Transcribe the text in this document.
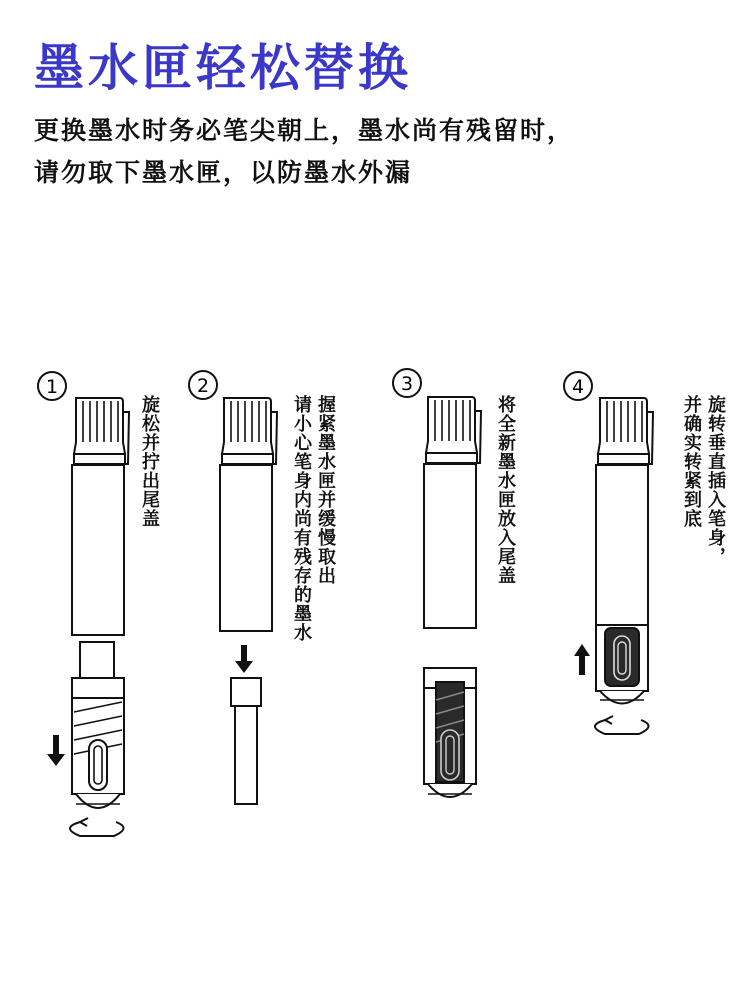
墨水匣轻松替换
更换墨水时务必笔尖朝上，墨水尚有残留时，
请勿取下墨水匣，以防墨水外漏
1	2	3	4
旋松并拧出尾盖	握紧墨水匣并缓慢取出
请小心笔身内尚有残存的墨水	将全新墨水匣放入尾盖	旋转垂直插入笔身，
并确实转紧到底
